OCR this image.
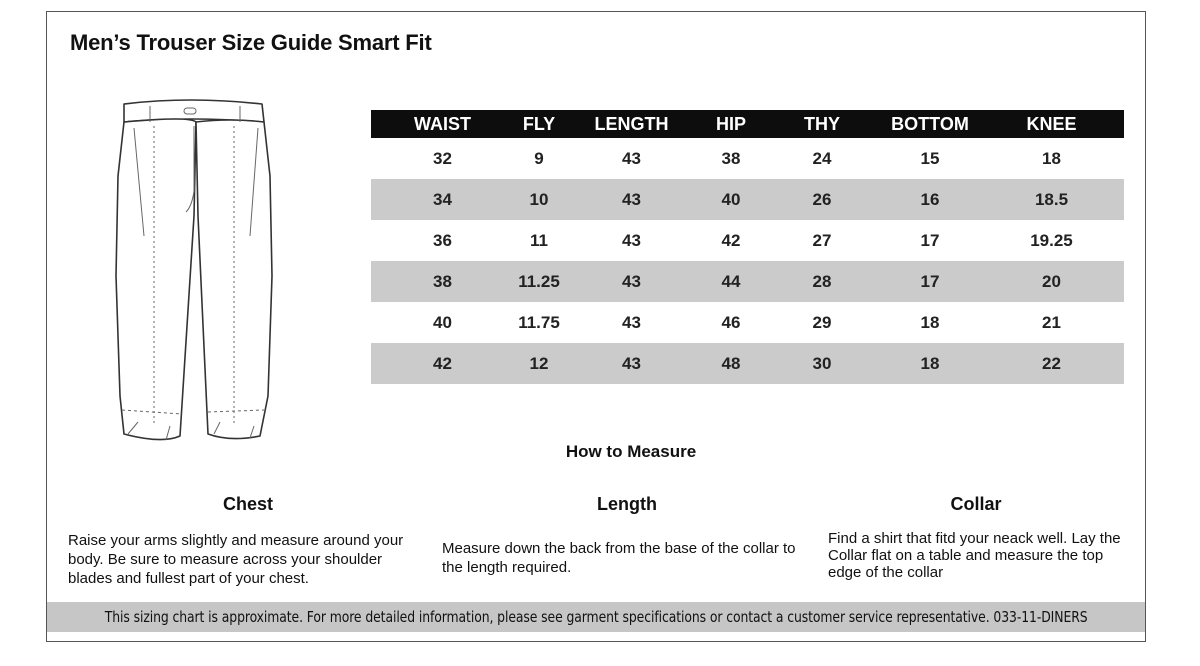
Men’s Trouser Size Guide Smart Fit
WAIST	FLY	LENGTH	HIP	THY	BOTTOM	KNEE
32	9	43	38	24	15	18
34	10	43	40	26	16	18.5
36	11	43	42	27	17	19.25
38	11.25	43	44	28	17	20
40	11.75	43	46	29	18	21
42	12	43	48	30	18	22
How to Measure
Chest
Raise your arms slightly and measure around your body. Be sure to measure across your shoulder blades and fullest part of your chest.
Length
Measure down the back from the base of the collar to the length required.
Collar
Find a shirt that fitd your neack well. Lay the Collar flat on a table and measure the top edge of the collar
This sizing chart is approximate. For more detailed information, please see garment specifications or contact a customer service representative. 033-11-DINERS
